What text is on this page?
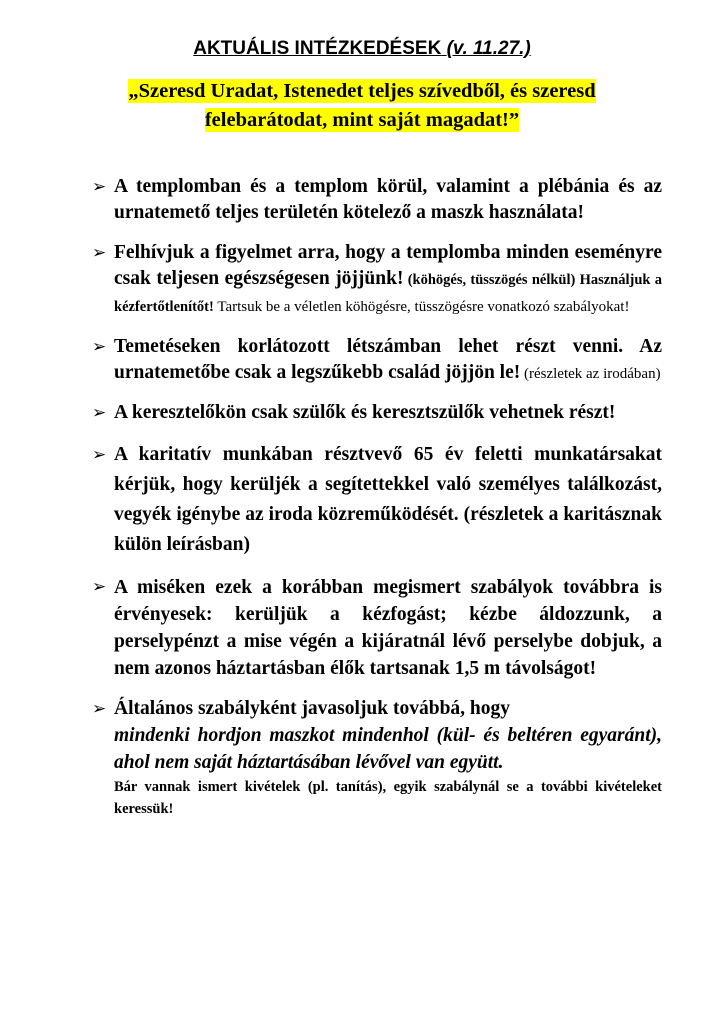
AKTUÁLIS INTÉZKEDÉSEK (v. 11.27.)
„Szeresd Uradat, Istenedet teljes szívedből, és szeresd
felebarátodat, mint saját magadat!”
➢ A templomban és a templom körül, valamint a plébánia és az urnatemető teljes területén kötelező a maszk használata!
➢ Felhívjuk a figyelmet arra, hogy a templomba minden eseményre csak teljesen egészségesen jöjjünk! (köhögés, tüsszögés nélkül) Használjuk a kézfertőtlenítőt! Tartsuk be a véletlen köhögésre, tüsszögésre vonatkozó szabályokat!
➢ Temetéseken korlátozott létszámban lehet részt venni. Az urnatemetőbe csak a legszűkebb család jöjjön le! (részletek az irodában)
➢ A keresztelőkön csak szülők és keresztszülők vehetnek részt!
➢ A karitatív munkában résztvevő 65 év feletti munkatársakat kérjük, hogy kerüljék a segítettekkel való személyes találkozást, vegyék igénybe az iroda közreműködését. (részletek a karitásznak külön leírásban)
➢ A miséken ezek a korábban megismert szabályok továbbra is érvényesek: kerüljük a kézfogást; kézbe áldozzunk, a perselypénzt a mise végén a kijáratnál lévő perselybe dobjuk, a nem azonos háztartásban élők tartsanak 1,5 m távolságot!
➢ Általános szabályként javasoljuk továbbá, hogy
mindenki hordjon maszkot mindenhol (kül- és beltéren egyaránt), ahol nem saját háztartásában lévővel van együtt.
Bár vannak ismert kivételek (pl. tanítás), egyik szabálynál se a további kivételeket keressük!
